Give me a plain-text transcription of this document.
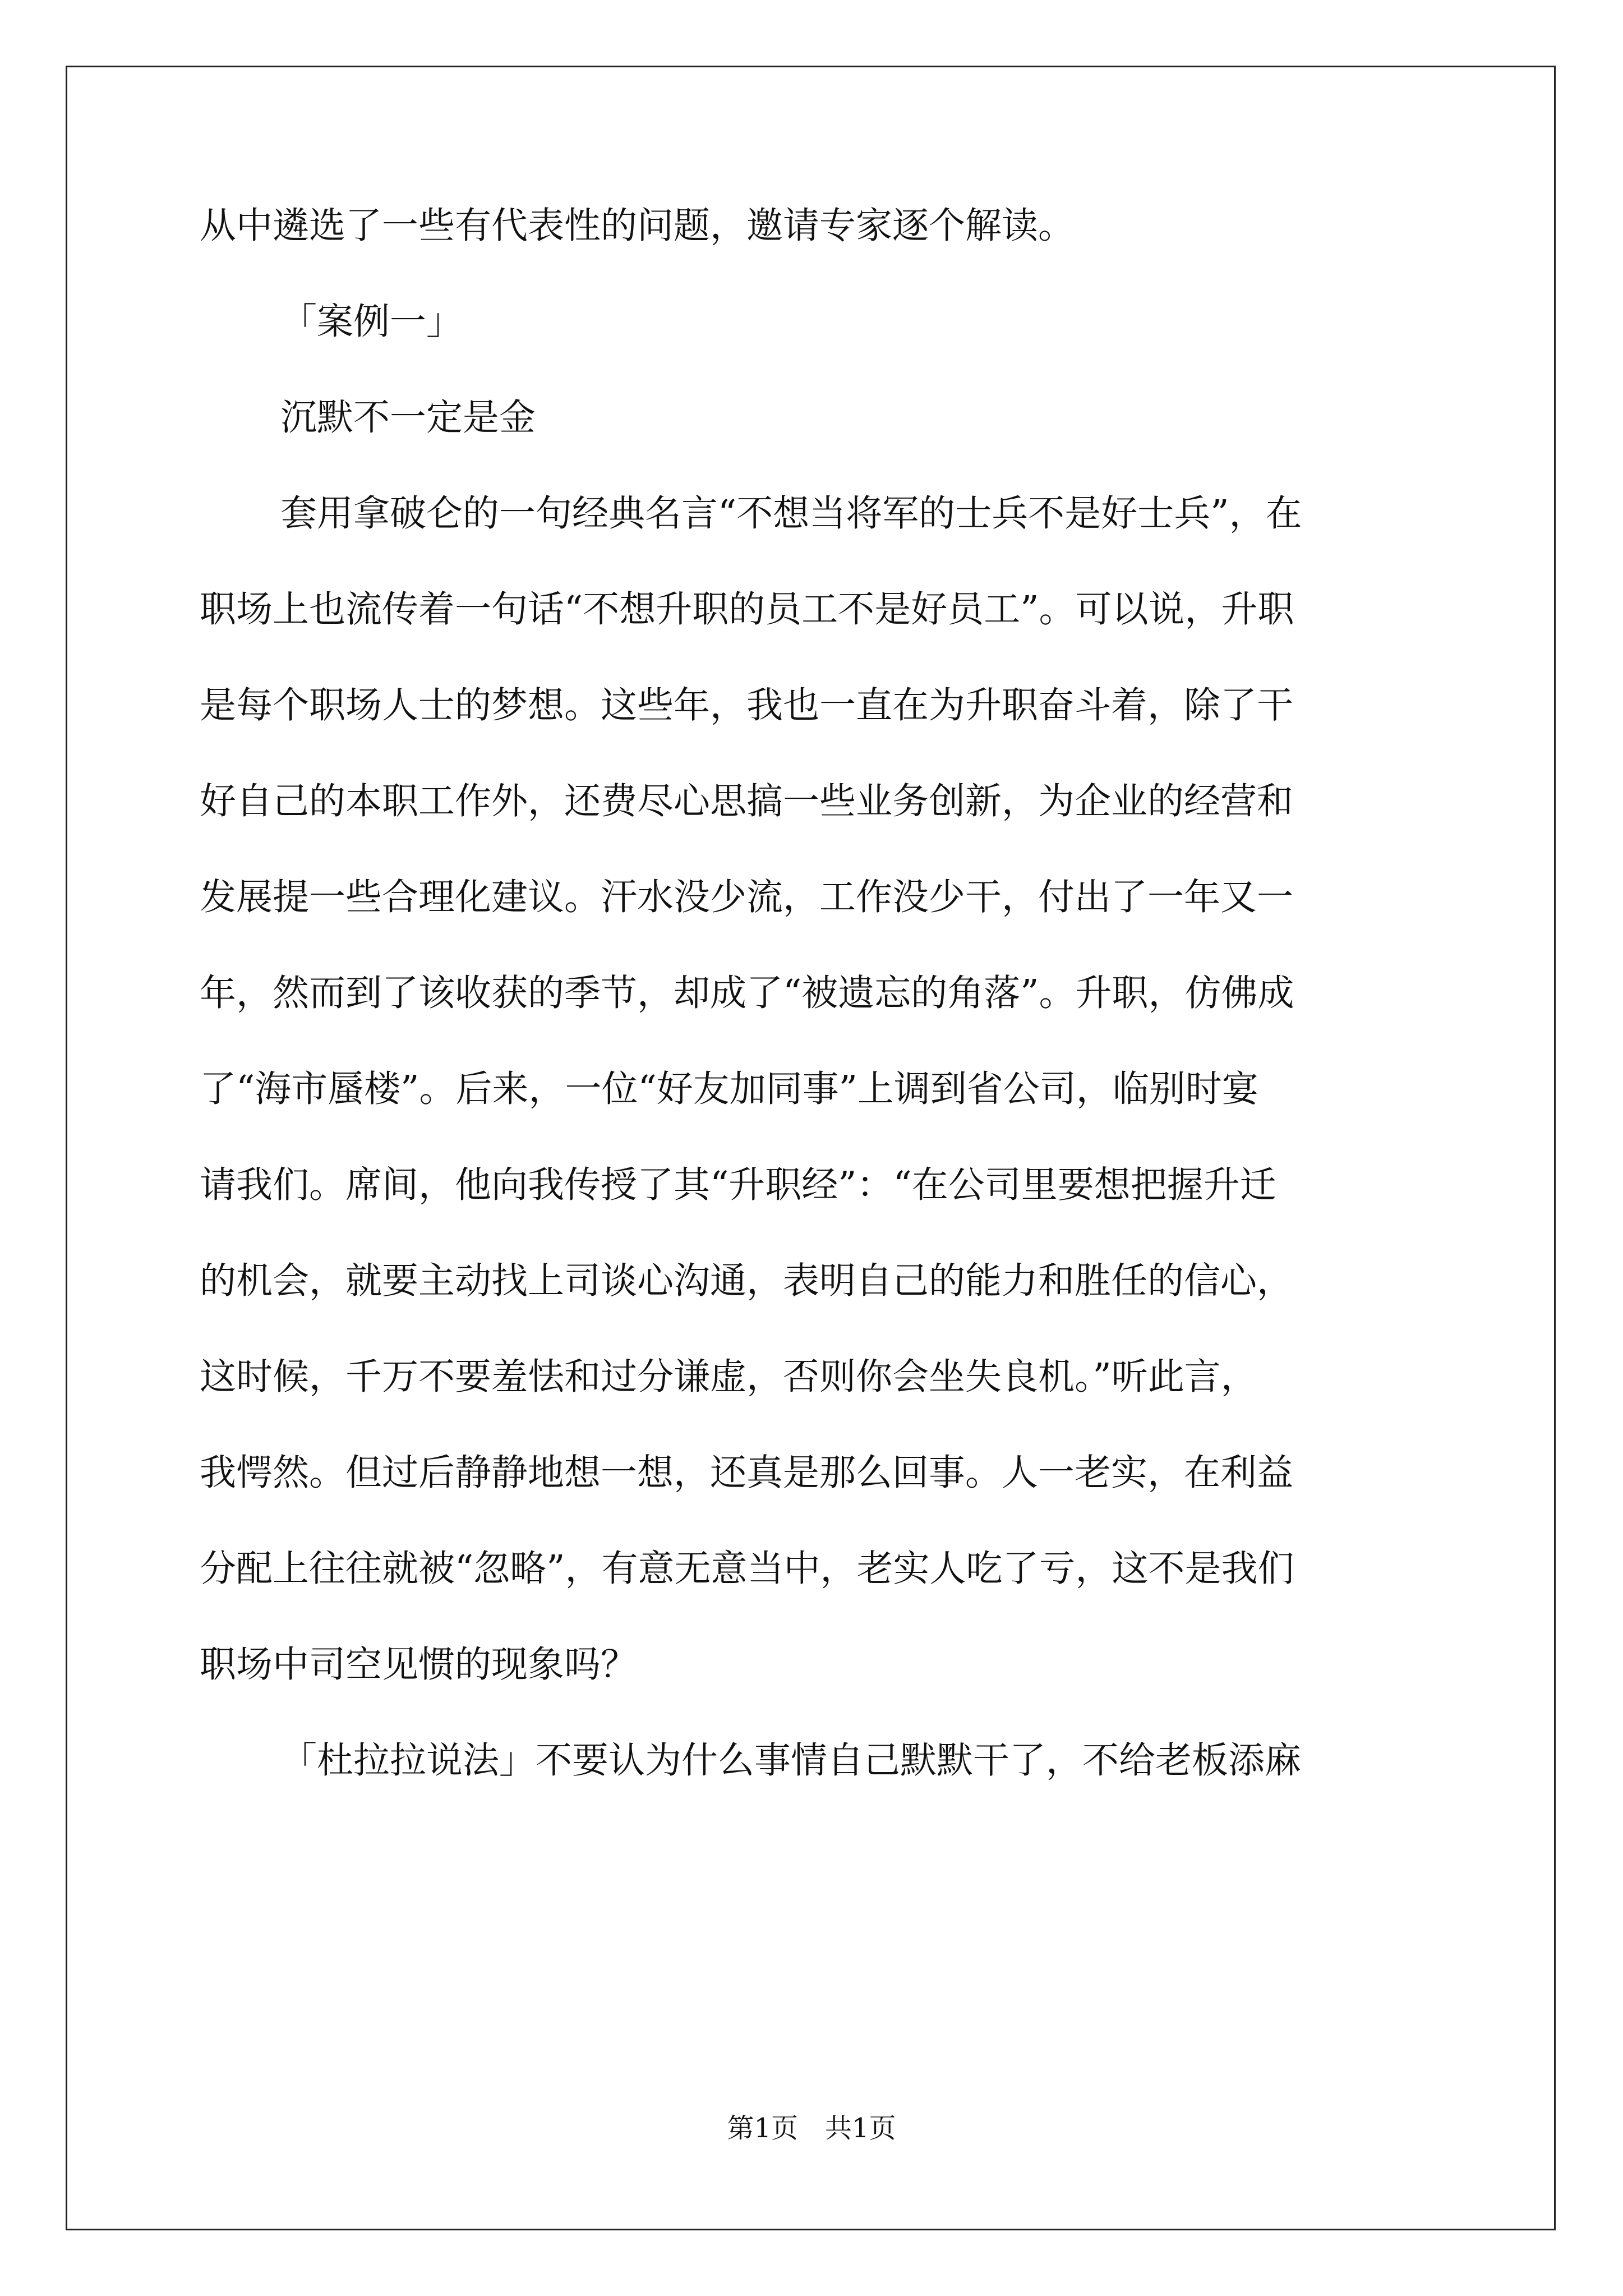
从中遴选了一些有代表性的问题，邀请专家逐个解读。

「案例一」

沉默不一定是金

套用拿破仑的一句经典名言“不想当将军的士兵不是好士兵”，在

职场上也流传着一句话“不想升职的员工不是好员工”。可以说，升职

是每个职场人士的梦想。这些年，我也一直在为升职奋斗着，除了干

好自己的本职工作外，还费尽心思搞一些业务创新，为企业的经营和

发展提一些合理化建议。汗水没少流，工作没少干，付出了一年又一

年，然而到了该收获的季节，却成了“被遗忘的角落”。升职，仿佛成

了“海市蜃楼”。后来，一位“好友加同事”上调到省公司，临别时宴

请我们。席间，他向我传授了其“升职经”：“在公司里要想把握升迁

的机会，就要主动找上司谈心沟通，表明自己的能力和胜任的信心，

这时候，千万不要羞怯和过分谦虚，否则你会坐失良机。”听此言，

我愕然。但过后静静地想一想，还真是那么回事。人一老实，在利益

分配上往往就被“忽略”，有意无意当中，老实人吃了亏，这不是我们

职场中司空见惯的现象吗？

「杜拉拉说法」不要认为什么事情自己默默干了，不给老板添麻

第1页　共1页
